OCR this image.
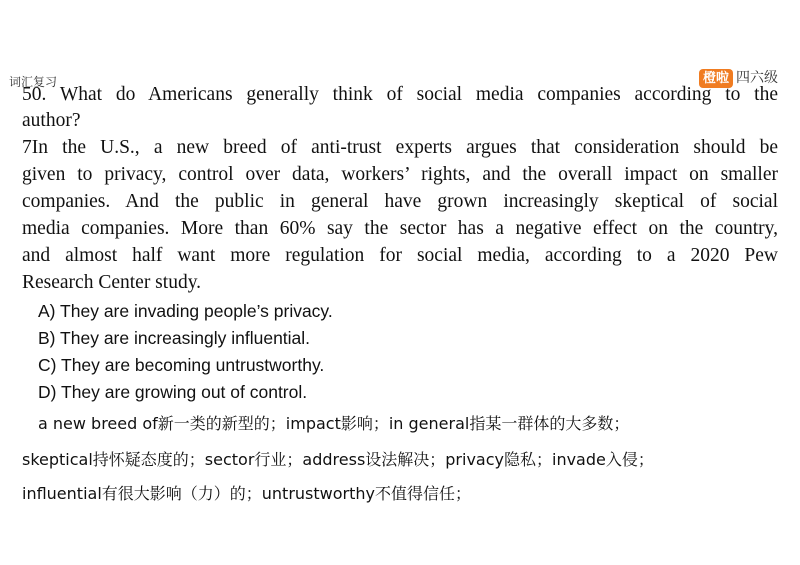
词汇复习	橙啦 四六级
50. What do Americans generally think of social media companies according to the
author?
7In the U.S., a new breed of anti-trust experts argues that consideration should be
given to privacy, control over data, workers’ rights, and the overall impact on smaller
companies. And the public in general have grown increasingly skeptical of social
media companies. More than 60% say the sector has a negative effect on the country,
and almost half want more regulation for social media, according to a 2020 Pew
Research Center study.
A) They are invading people’s privacy.
B) They are increasingly influential.
C) They are becoming untrustworthy.
D) They are growing out of control.
a new breed of新一类的新型的；impact影响；in general指某一群体的大多数；
skeptical持怀疑态度的；sector行业；address设法解决；privacy隐私；invade入侵；
influential有很大影响（力）的；untrustworthy不值得信任；
